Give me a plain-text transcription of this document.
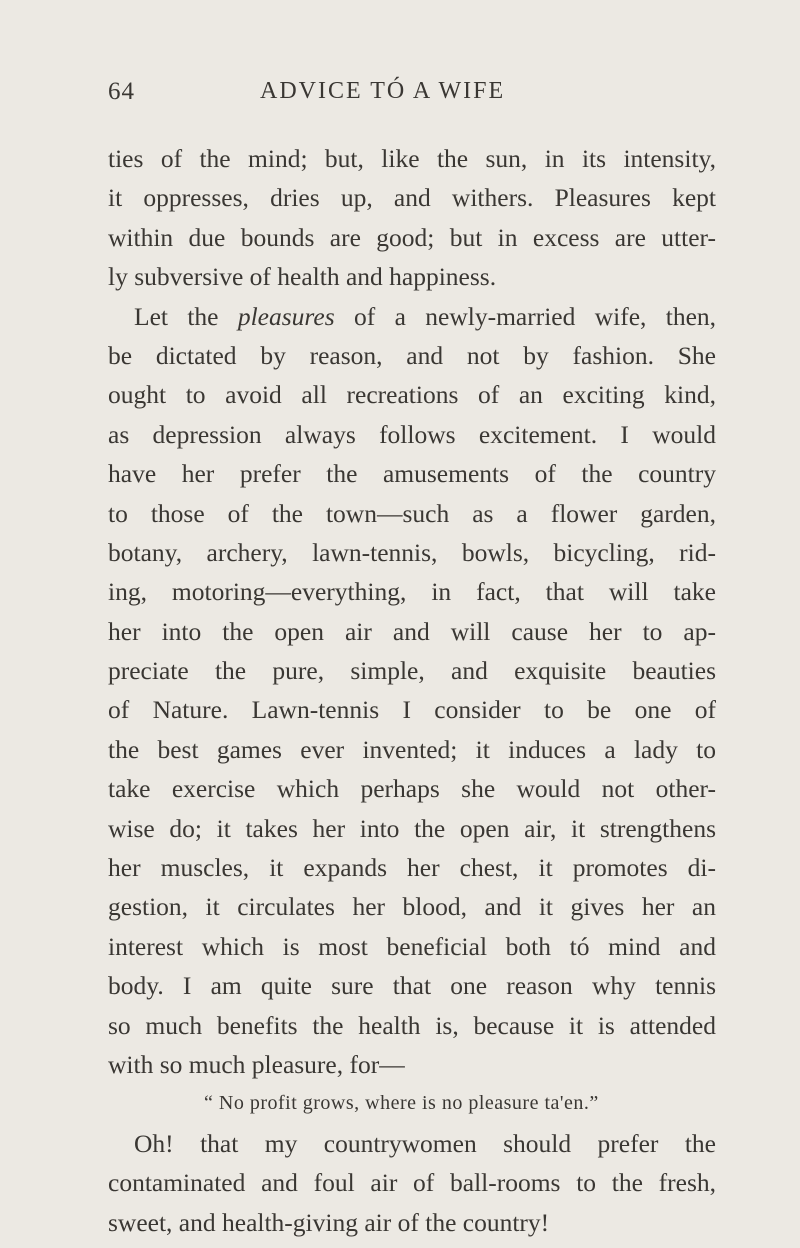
64	ADVICE TÓ A WIFE
ties of the mind; but, like the sun, in its intensity,
it oppresses, dries up, and withers. Pleasures kept
within due bounds are good; but in excess are utter-
ly subversive of health and happiness.
Let the pleasures of a newly-married wife, then,
be dictated by reason, and not by fashion. She
ought to avoid all recreations of an exciting kind,
as depression always follows excitement. I would
have her prefer the amusements of the country
to those of the town—such as a flower garden,
botany, archery, lawn-tennis, bowls, bicycling, rid-
ing, motoring—everything, in fact, that will take
her into the open air and will cause her to ap-
preciate the pure, simple, and exquisite beauties
of Nature. Lawn-tennis I consider to be one of
the best games ever invented; it induces a lady to
take exercise which perhaps she would not other-
wise do; it takes her into the open air, it strengthens
her muscles, it expands her chest, it promotes di-
gestion, it circulates her blood, and it gives her an
interest which is most beneficial both tó mind and
body. I am quite sure that one reason why tennis
so much benefits the health is, because it is attended
with so much pleasure, for—
“ No profit grows, where is no pleasure ta'en.”
Oh! that my countrywomen should prefer the
contaminated and foul air of ball-rooms to the fresh,
sweet, and health-giving air of the country!
